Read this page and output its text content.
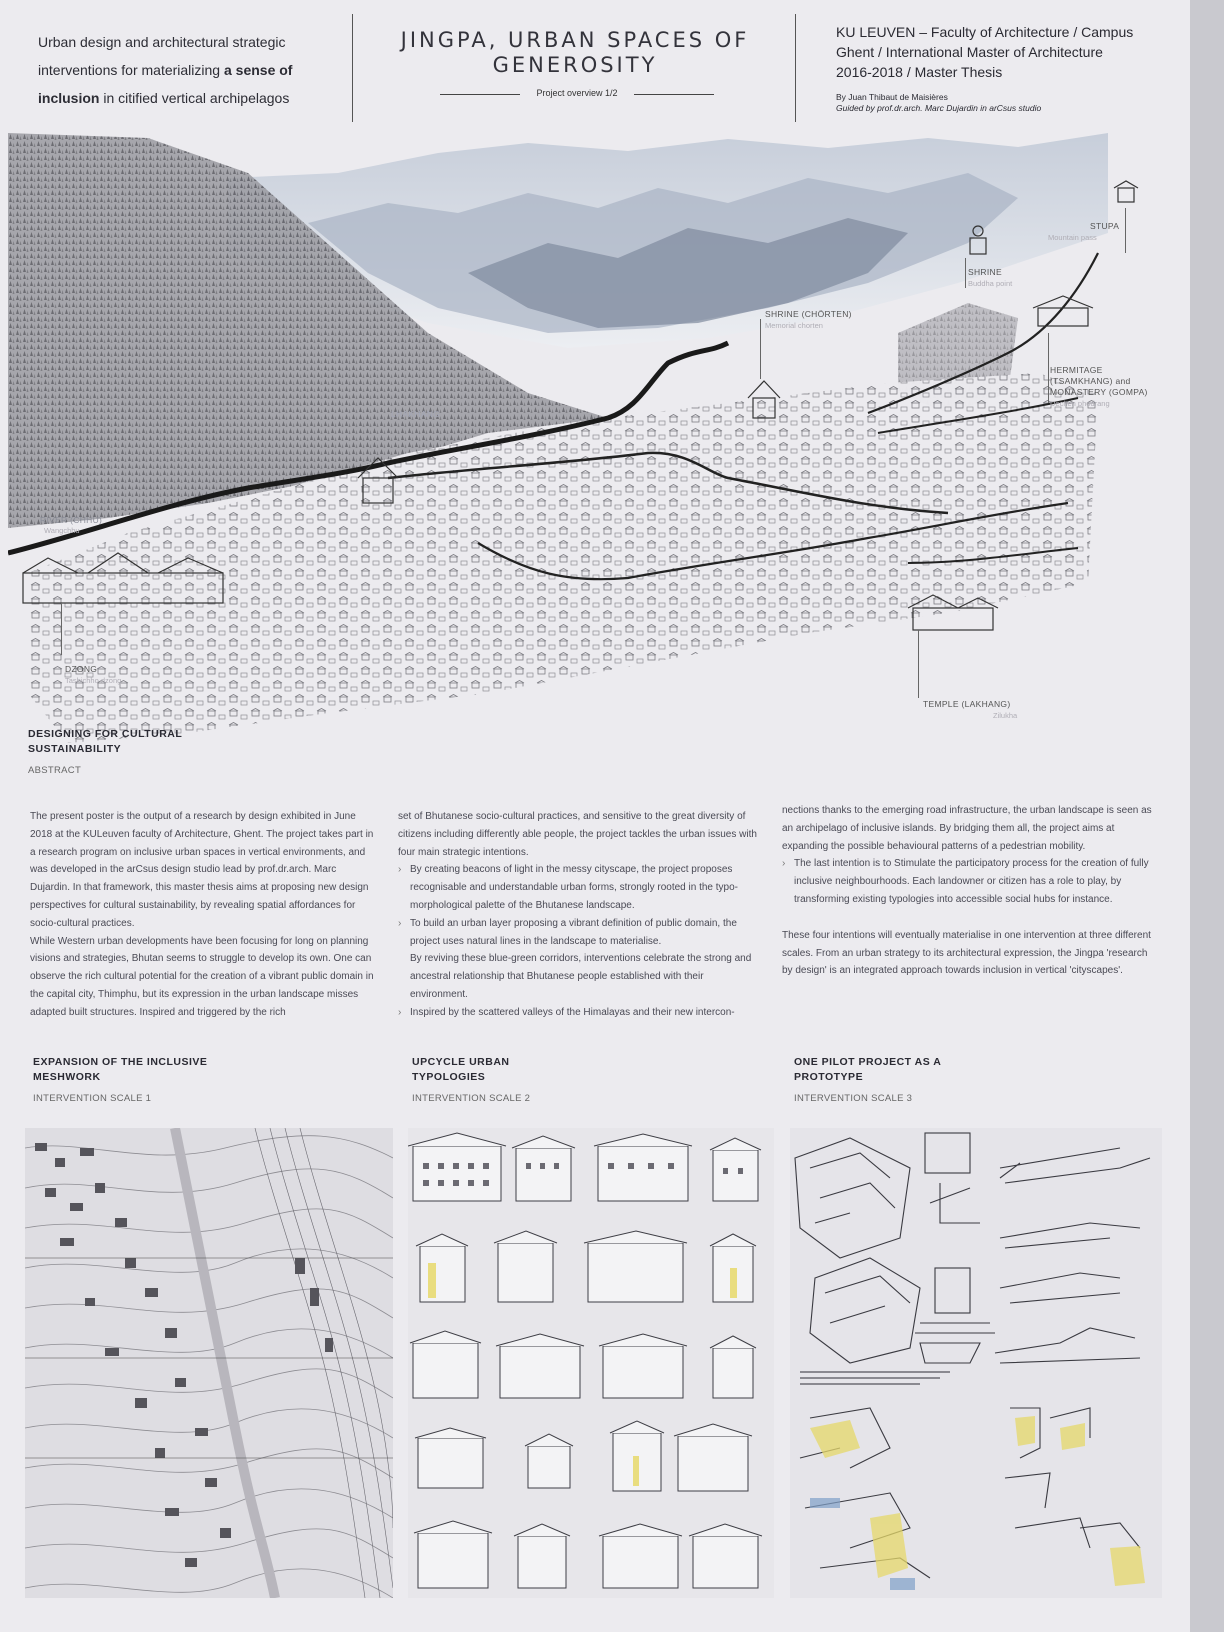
Urban design and architectural strategic interventions for materializing a sense of inclusion in citified vertical archipelagos
JINGPA, URBAN SPACES OF
GENEROSITY
Project overview 1/2
KU LEUVEN – Faculty of Architecture / Campus
Ghent / International Master of Architecture
2016-2018 / Master Thesis
By Juan Thibaut de Maisières
Guided by prof.dr.arch. Marc Dujardin in arCsus studio
STUPA
Mountain pass
SHRINE
Buddha point
SHRINE (CHÖRTEN)
Memorial chorten
HERMITAGE
(TSAMKHANG) and
MONASTERY (GOMPA)
Dechen phodrang
LHAKHANG
RIVER (CHHU)
Wangchhu
DZONG
Tashichho dzong
TEMPLE (LAKHANG)
Zilukha
DESIGNING FOR CULTURAL
SUSTAINABILITY
ABSTRACT

The present poster is the output of a research by design exhibited in June 2018 at the KULeuven faculty of Architecture, Ghent. The project takes part in a research program on inclusive urban spaces in vertical environments, and was developed in the arCsus design studio lead by prof.dr.arch. Marc Dujardin. In that framework, this master thesis aims at proposing new design perspectives for cultural sustainability, by revealing spatial affordances for socio-cultural practices.

While Western urban developments have been focusing for long on planning visions and strategies, Bhutan seems to struggle to develop its own. One can observe the rich cultural potential for the creation of a vibrant public domain in the capital city, Thimphu, but its expression in the urban landscape misses adapted built structures. Inspired and triggered by the rich

set of Bhutanese socio-cultural practices, and sensitive to the great diversity of citizens including differently able people, the project tackles the urban issues with four main strategic intentions.

› By creating beacons of light in the messy cityscape, the project proposes recognisable and understandable urban forms, strongly rooted in the typo-morphological palette of the Bhutanese landscape.

› To build an urban layer proposing a vibrant definition of public domain, the project uses natural lines in the landscape to materialise.

By reviving these blue-green corridors, interventions celebrate the strong and ancestral relationship that Bhutanese people established with their environment.

› Inspired by the scattered valleys of the Himalayas and their new intercon-

nections thanks to the emerging road infrastructure, the urban landscape is seen as an archipelago of inclusive islands. By bridging them all, the project aims at expanding the possible behavioural patterns of a pedestrian mobility.

› The last intention is to Stimulate the participatory process for the creation of fully inclusive neighbourhoods. Each landowner or citizen has a role to play, by transforming existing typologies into accessible social hubs for instance.

These four intentions will eventually materialise in one intervention at three different scales. From an urban strategy to its architectural expression, the Jingpa 'research by design' is an integrated approach towards inclusion in vertical 'cityscapes'.

EXPANSION OF THE INCLUSIVE
MESHWORK
INTERVENTION SCALE 1
UPCYCLE URBAN
TYPOLOGIES
INTERVENTION SCALE 2
ONE PILOT PROJECT AS A
PROTOTYPE
INTERVENTION SCALE 3
